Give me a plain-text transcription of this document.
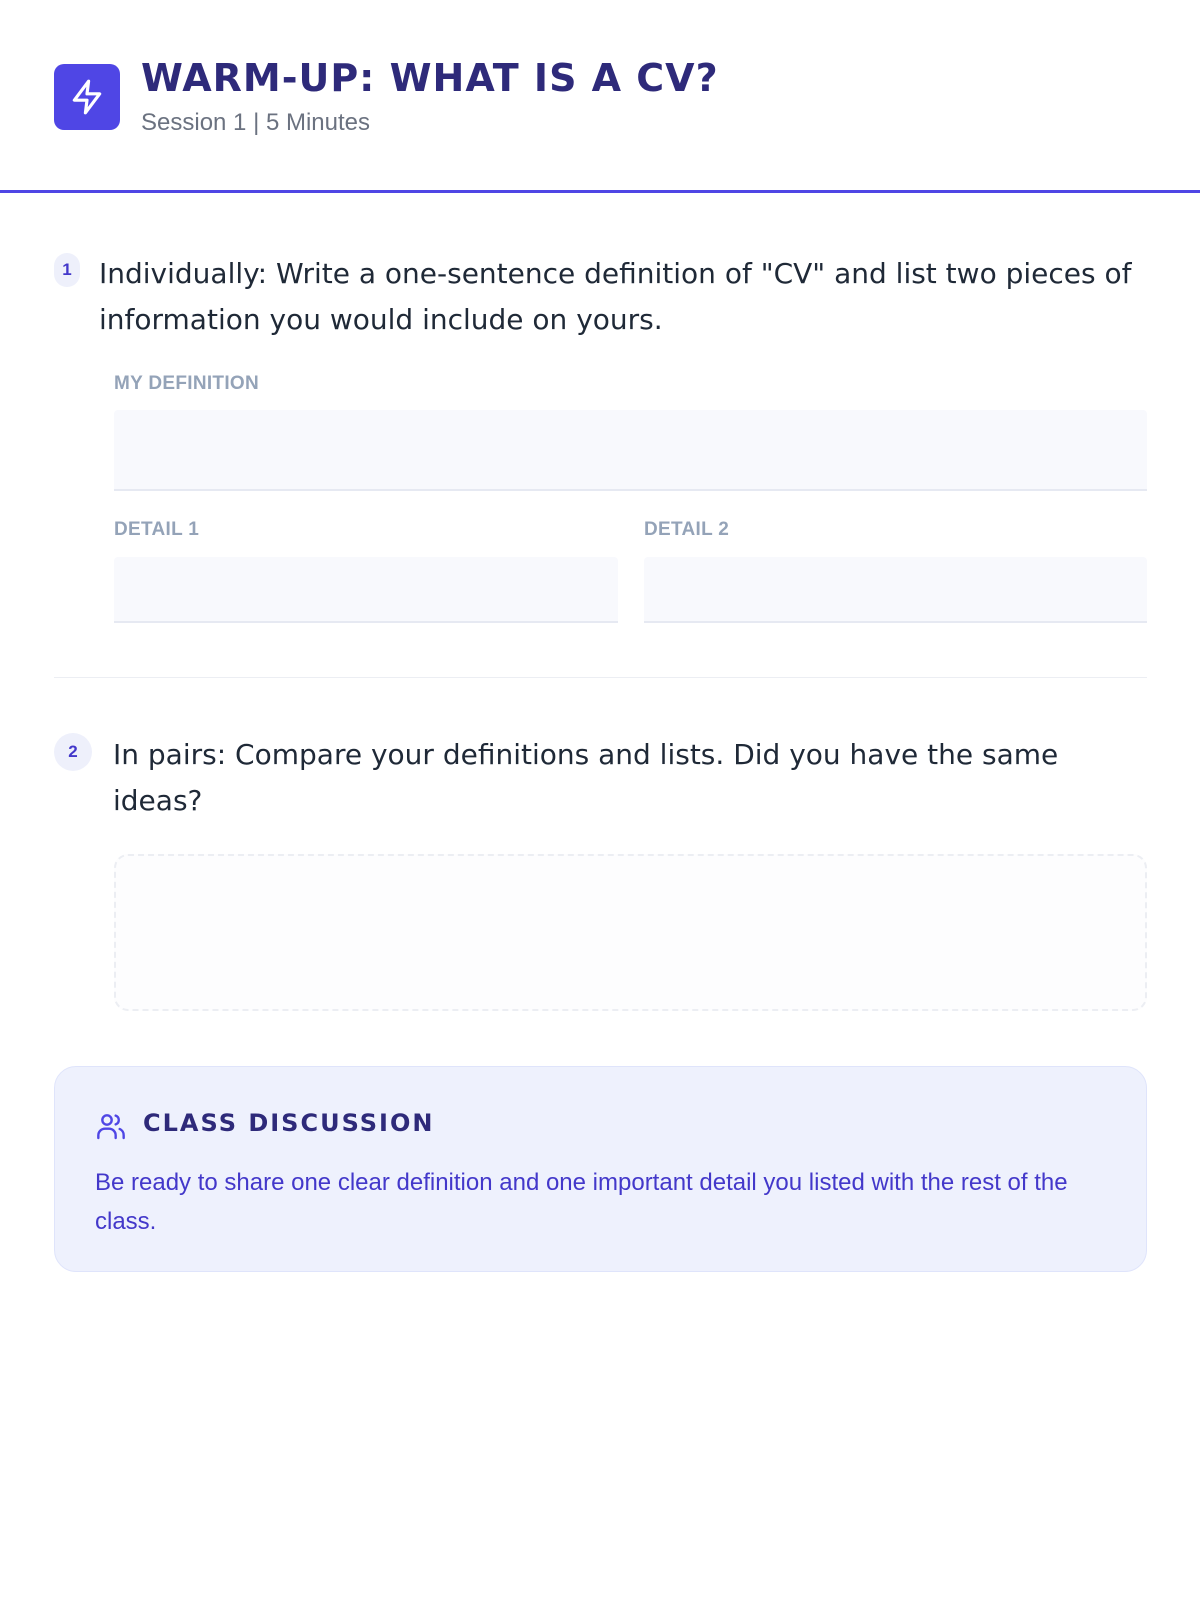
WARM-UP: WHAT IS A CV?
Session 1 | 5 Minutes
1 Individually: Write a one-sentence definition of "CV" and list two pieces of information you would include on yours.
MY DEFINITION
DETAIL 1	DETAIL 2
2	In pairs: Compare your definitions and lists. Did you have the same ideas?
CLASS DISCUSSION
Be ready to share one clear definition and one important detail you listed with the rest of the class.
